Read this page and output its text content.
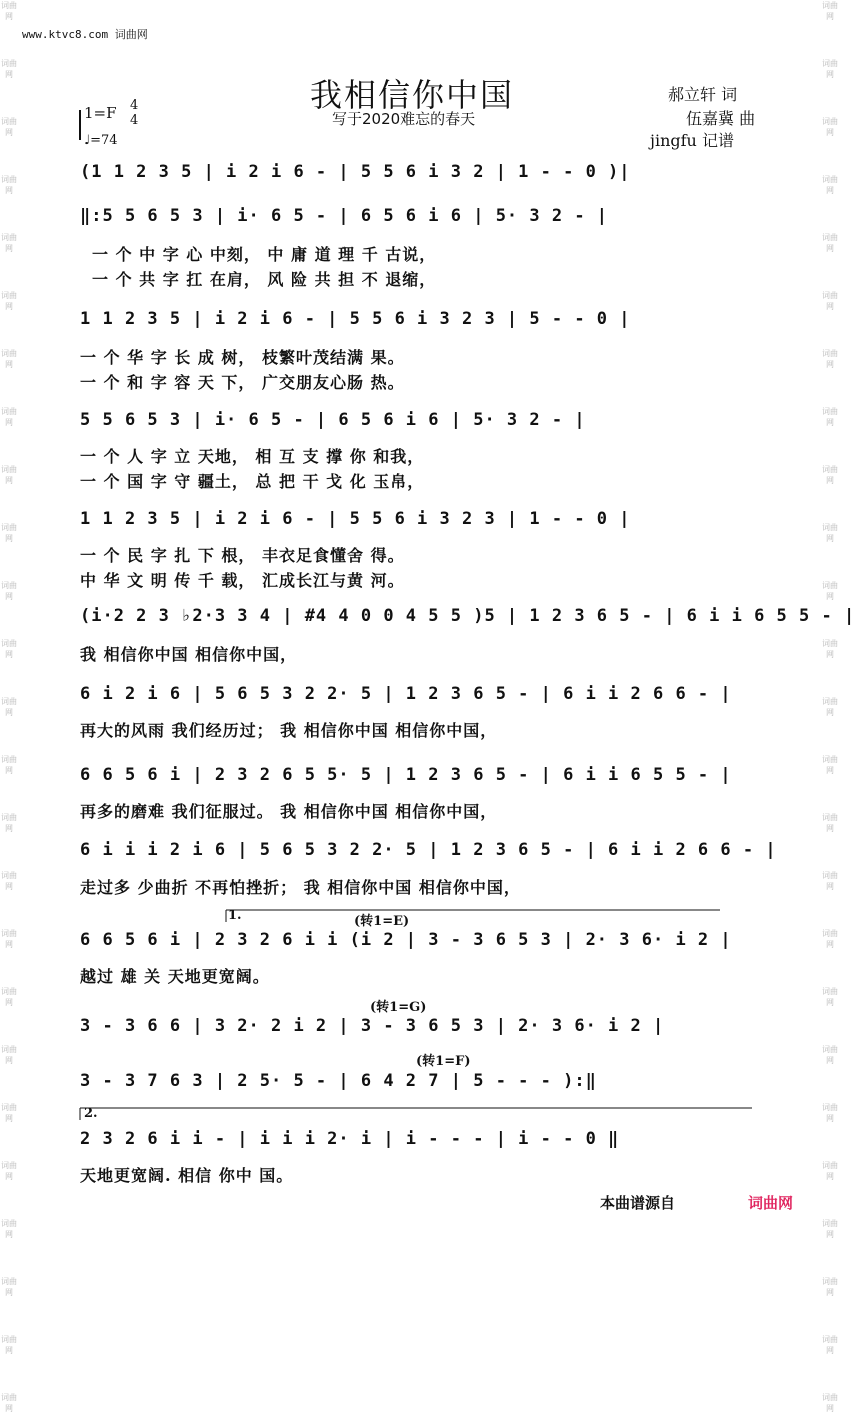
词曲网
词曲网
词曲网
词曲网
词曲网
词曲网
词曲网
词曲网
词曲网
词曲网
词曲网
词曲网
词曲网
词曲网
词曲网
词曲网
词曲网
词曲网
词曲网
词曲网
词曲网
词曲网
词曲网
词曲网
词曲网
词曲网
词曲网
词曲网
词曲网
词曲网
词曲网
词曲网
词曲网
词曲网
词曲网
词曲网
词曲网
词曲网
词曲网
词曲网
词曲网
词曲网
词曲网
词曲网
词曲网
词曲网
词曲网
词曲网
词曲网
词曲网
www.ktvc8.com 词曲网
我相信你中国
写于2020难忘的春天
郝立轩 词
伍嘉冀 曲
jingfu 记谱
1=F 4
4
♩=74
(1 1 2 3 5 | i 2 i 6 - | 5 5 6 i 3 2 | 1 - - 0 )|
‖:5 5 6 5 3 | i· 6 5 - | 6 5 6 i 6 | 5· 3 2 - |
一 个 中 字 心 中刻， 中 庸 道 理 千 古说，
一 个 共 字 扛 在肩， 风 险 共 担 不 退缩，
1 1 2 3 5 | i 2 i 6 - | 5 5 6 i 3 2 3 | 5 - - 0 |
一 个 华 字 长 成 树， 枝繁叶茂结满 果。
一 个 和 字 容 天 下， 广交朋友心肠 热。
5 5 6 5 3 | i· 6 5 - | 6 5 6 i 6 | 5· 3 2 - |
一 个 人 字 立 天地， 相 互 支 撑 你 和我，
一 个 国 字 守 疆土， 总 把 干 戈 化 玉帛，
1 1 2 3 5 | i 2 i 6 - | 5 5 6 i 3 2 3 | 1 - - 0 |
一 个 民 字 扎 下 根， 丰衣足食懂舍 得。
中 华 文 明 传 千 载， 汇成长江与黄 河。
(i·2 2 3 ♭2·3 3 4 | #4 4 0 0 4 5 5 )5 | 1 2 3 6 5 - | 6 i i 6 5 5 - |
我 相信你中国 相信你中国，
6 i 2 i 6 | 5 6 5 3 2 2· 5 | 1 2 3 6 5 - | 6 i i 2 6 6 - |
再大的风雨 我们经历过； 我 相信你中国 相信你中国，
6 6 5 6 i | 2 3 2 6 5 5· 5 | 1 2 3 6 5 - | 6 i i 6 5 5 - |
再多的磨难 我们征服过。 我 相信你中国 相信你中国，
6 i i i 2 i 6 | 5 6 5 3 2 2· 5 | 1 2 3 6 5 - | 6 i i 2 6 6 - |
走过多 少曲折 不再怕挫折； 我 相信你中国 相信你中国，
1.	(转1=E)
6 6 5 6 i | 2 3 2 6 i i (i 2 | 3 - 3 6 5 3 | 2· 3 6· i 2 |
越过 雄 关 天地更宽阔。
(转1=G)
3 - 3 6 6 | 3 2· 2 i 2 | 3 - 3 6 5 3 | 2· 3 6· i 2 |
(转1=F)
3 - 3 7 6 3 | 2 5· 5 - | 6 4 2 7 | 5 - - - ):‖
2.
2 3 2 6 i i - | i i i 2· i | i - - - | i - - 0 ‖
天地更宽阔. 相信 你中 国。
本曲谱源自	词曲网
